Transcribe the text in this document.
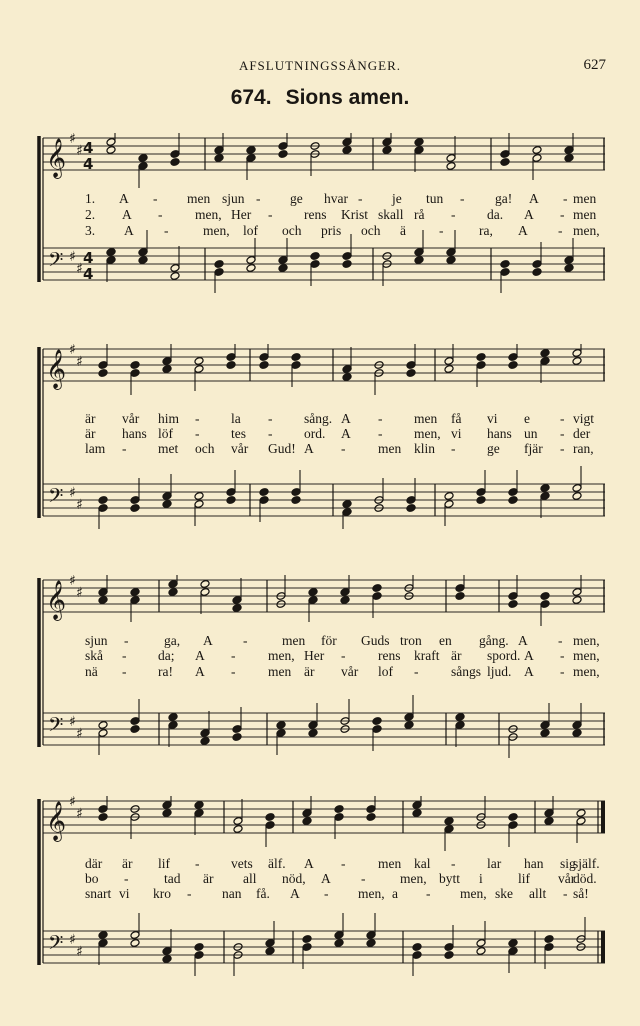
AFSLUTNINGSSÅNGER.	627
674. Sions amen.
𝄞
𝄢
♯
♯
♯
♯
4
4
4
4
1. A - men sjun - ge hvar - je tun - ga! A - men
2. A - men, Her - rens Krist skall rå - da. A - men
3. A -	men, lof och pris och ä -	ra, A - men,
𝄞
𝄢
♯
♯
♯
♯
är vår him - la - sång. A - men få vi e - vigt
är hans löf - tes - ord. A - men, vi hans un - der
lam - met och vår Gud! A - men klin - ge fjär - ran,
𝄞
𝄢
♯
♯
♯
♯
sjun -	ga, A -	men för Guds tron en gång. A - men,
skå - da; A - men, Her - rens kraft är spord. A - men,
nä - ra! A - men är vår lof - sångs ljud. A - men,
𝄞
𝄢
♯
♯
♯
♯
där är lif - vets älf. A - men kal - lar han sig
själf.
bo -	tad är all nöd, A -	men, bytt i	lif vår
död.
snart vi kro - nan få. A - men, a - men, ske allt - så!
